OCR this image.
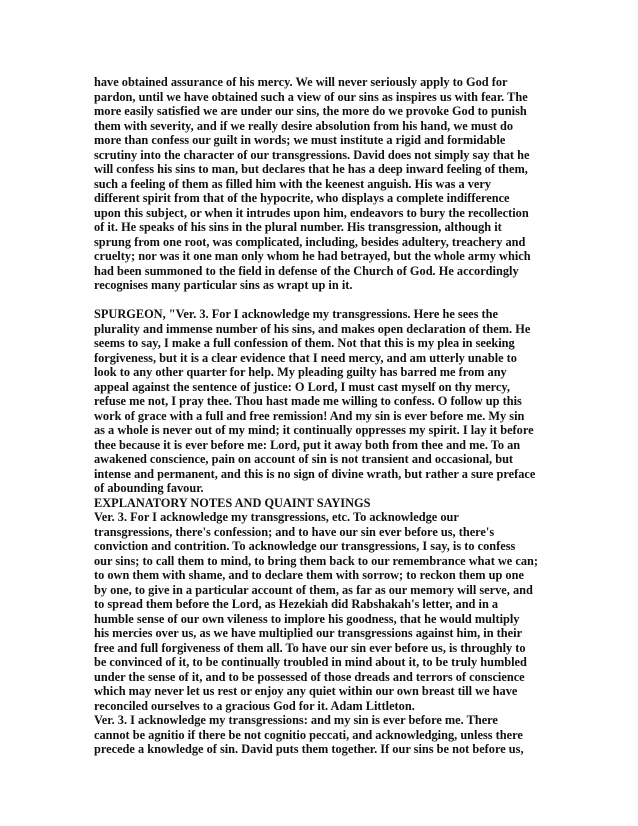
have obtained assurance of his mercy. We will never seriously apply to God for
pardon, until we have obtained such a view of our sins as inspires us with fear. The
more easily satisfied we are under our sins, the more do we provoke God to punish
them with severity, and if we really desire absolution from his hand, we must do
more than confess our guilt in words; we must institute a rigid and formidable
scrutiny into the character of our transgressions. David does not simply say that he
will confess his sins to man, but declares that he has a deep inward feeling of them,
such a feeling of them as filled him with the keenest anguish. His was a very
different spirit from that of the hypocrite, who displays a complete indifference
upon this subject, or when it intrudes upon him, endeavors to bury the recollection
of it. He speaks of his sins in the plural number. His transgression, although it
sprung from one root, was complicated, including, besides adultery, treachery and
cruelty; nor was it one man only whom he had betrayed, but the whole army which
had been summoned to the field in defense of the Church of God. He accordingly
recognises many particular sins as wrapt up in it.
SPURGEON, "Ver. 3. For I acknowledge my transgressions. Here he sees the
plurality and immense number of his sins, and makes open declaration of them. He
seems to say, I make a full confession of them. Not that this is my plea in seeking
forgiveness, but it is a clear evidence that I need mercy, and am utterly unable to
look to any other quarter for help. My pleading guilty has barred me from any
appeal against the sentence of justice: O Lord, I must cast myself on thy mercy,
refuse me not, I pray thee. Thou hast made me willing to confess. O follow up this
work of grace with a full and free remission! And my sin is ever before me. My sin
as a whole is never out of my mind; it continually oppresses my spirit. I lay it before
thee because it is ever before me: Lord, put it away both from thee and me. To an
awakened conscience, pain on account of sin is not transient and occasional, but
intense and permanent, and this is no sign of divine wrath, but rather a sure preface
of abounding favour.
EXPLANATORY NOTES AND QUAINT SAYINGS
Ver. 3. For I acknowledge my transgressions, etc. To acknowledge our
transgressions, there's confession; and to have our sin ever before us, there's
conviction and contrition. To acknowledge our transgressions, I say, is to confess
our sins; to call them to mind, to bring them back to our remembrance what we can;
to own them with shame, and to declare them with sorrow; to reckon them up one
by one, to give in a particular account of them, as far as our memory will serve, and
to spread them before the Lord, as Hezekiah did Rabshakah's letter, and in a
humble sense of our own vileness to implore his goodness, that he would multiply
his mercies over us, as we have multiplied our transgressions against him, in their
free and full forgiveness of them all. To have our sin ever before us, is throughly to
be convinced of it, to be continually troubled in mind about it, to be truly humbled
under the sense of it, and to be possessed of those dreads and terrors of conscience
which may never let us rest or enjoy any quiet within our own breast till we have
reconciled ourselves to a gracious God for it. Adam Littleton.
Ver. 3. I acknowledge my transgressions: and my sin is ever before me. There
cannot be agnitio if there be not cognitio peccati, and acknowledging, unless there
precede a knowledge of sin. David puts them together. If our sins be not before us,
